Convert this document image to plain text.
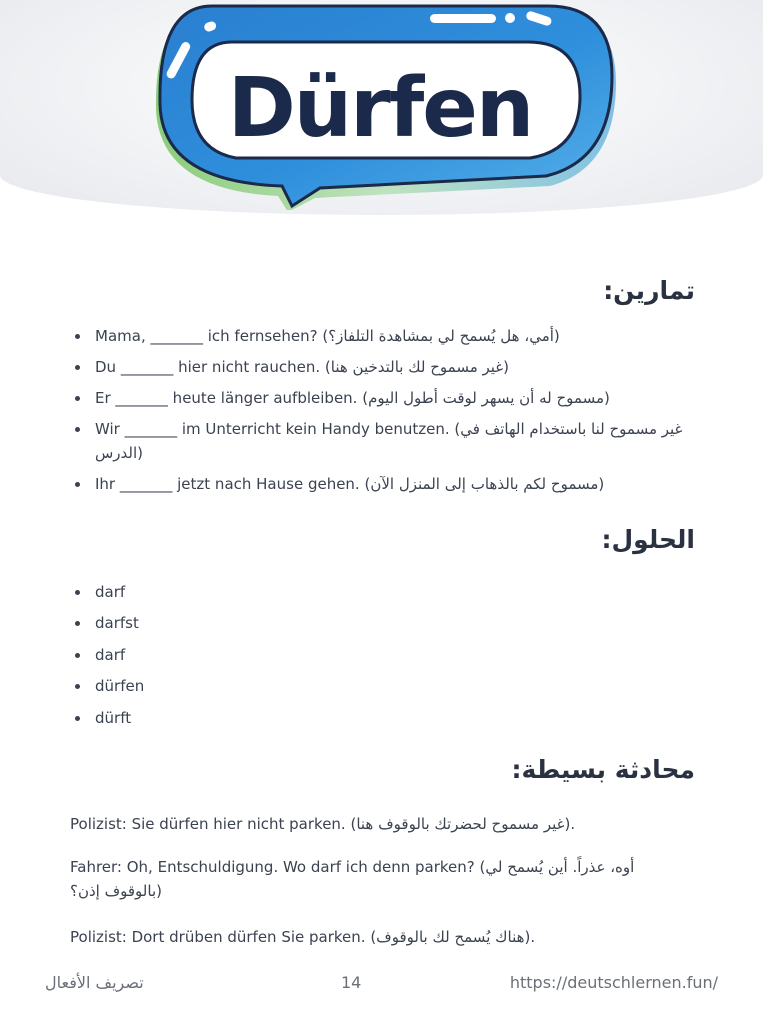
Dürfen
تمارين:
Mama, _______ ich fernsehen? (أمي، هل يُسمح لي بمشاهدة التلفاز؟)
Du _______ hier nicht rauchen. (غير مسموح لك بالتدخين هنا)
Er _______ heute länger aufbleiben. (مسموح له أن يسهر لوقت أطول اليوم)
Wir _______ im Unterricht kein Handy benutzen. (غير مسموح لنا باستخدام الهاتف في الدرس)
Ihr _______ jetzt nach Hause gehen. (مسموح لكم بالذهاب إلى المنزل الآن)
الحلول:
darf
darfst
darf
dürfen
dürft
محادثة بسيطة:

Polizist: Sie dürfen hier nicht parken. (غير مسموح لحضرتك بالوقوف هنا).

Fahrer: Oh, Entschuldigung. Wo darf ich denn parken? (أوه، عذراً. أين يُسمح لي بالوقوف إذن؟)

Polizist: Dort drüben dürfen Sie parken. (هناك يُسمح لك بالوقوف).

تصريف الأفعال	14	https://deutschlernen.fun/
